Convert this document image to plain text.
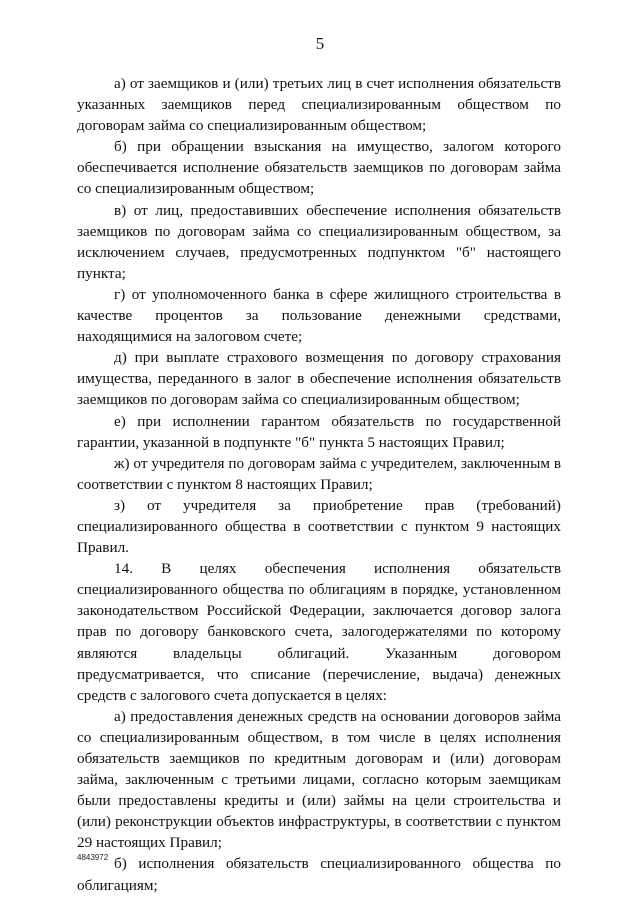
5

а) от заемщиков и (или) третьих лиц в счет исполнения обязательств указанных заемщиков перед специализированным обществом по договорам займа со специализированным обществом;

б) при обращении взыскания на имущество, залогом которого обеспечивается исполнение обязательств заемщиков по договорам займа со специализированным обществом;

в) от лиц, предоставивших обеспечение исполнения обязательств заемщиков по договорам займа со специализированным обществом, за исключением случаев, предусмотренных подпунктом "б" настоящего пункта;

г) от уполномоченного банка в сфере жилищного строительства в качестве процентов за пользование денежными средствами, находящимися на залоговом счете;

д) при выплате страхового возмещения по договору страхования имущества, переданного в залог в обеспечение исполнения обязательств заемщиков по договорам займа со специализированным обществом;

е) при исполнении гарантом обязательств по государственной гарантии, указанной в подпункте "б" пункта 5 настоящих Правил;

ж) от учредителя по договорам займа с учредителем, заключенным в соответствии с пунктом 8 настоящих Правил;

з) от учредителя за приобретение прав (требований) специализированного общества в соответствии с пунктом 9 настоящих Правил.

14. В целях обеспечения исполнения обязательств специализированного общества по облигациям в порядке, установленном законодательством Российской Федерации, заключается договор залога прав по договору банковского счета, залогодержателями по которому являются владельцы облигаций. Указанным договором предусматривается, что списание (перечисление, выдача) денежных средств с залогового счета допускается в целях:

а) предоставления денежных средств на основании договоров займа со специализированным обществом, в том числе в целях исполнения обязательств заемщиков по кредитным договорам и (или) договорам займа, заключенным с третьими лицами, согласно которым заемщикам были предоставлены кредиты и (или) займы на цели строительства и (или) реконструкции объектов инфраструктуры, в соответствии с пунктом 29 настоящих Правил;

б) исполнения обязательств специализированного общества по облигациям;

4843972
